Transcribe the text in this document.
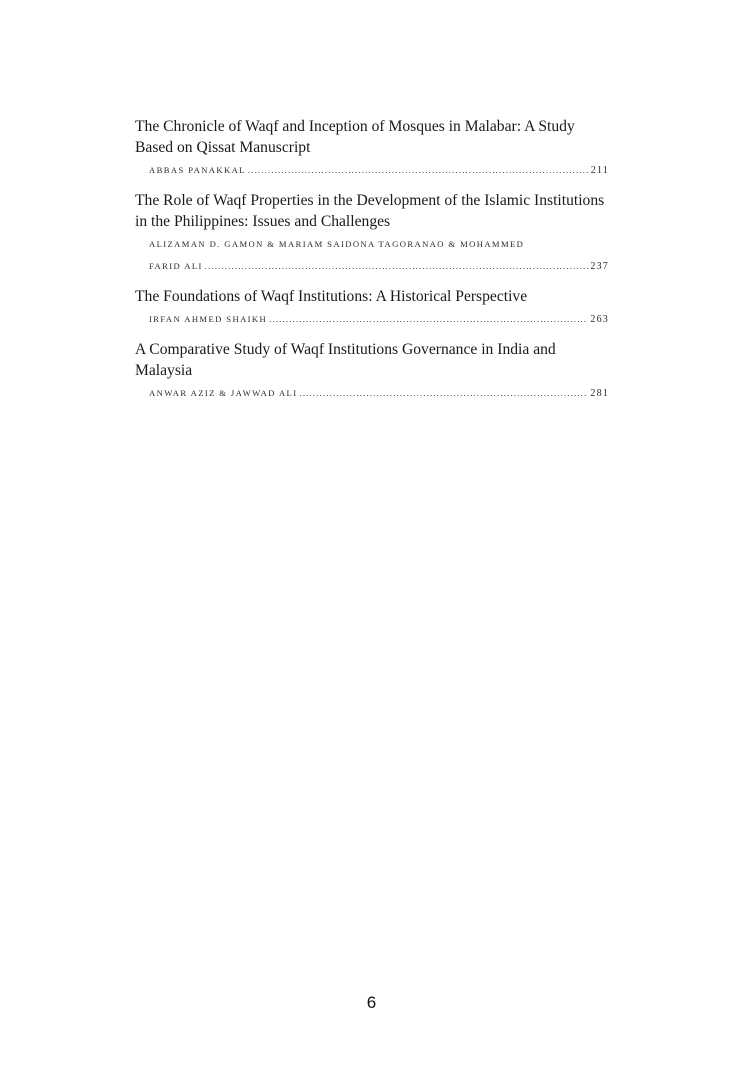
The Chronicle of Waqf and Inception of Mosques in Malabar: A Study Based on Qissat Manuscript
ABBAS PANAKKAL .....	211
The Role of Waqf Properties in the Development of the Islamic Institutions in the Philippines: Issues and Challenges
ALIZAMAN D. GAMON & MARIAM SAIDONA TAGORANAO & MOHAMMED
FARID ALI .....	237
The Foundations of Waqf Institutions: A Historical Perspective
IRFAN AHMED SHAIKH .....	263
A Comparative Study of Waqf Institutions Governance in India and Malaysia
ANWAR AZIZ & JAWWAD ALI .....	281
6
